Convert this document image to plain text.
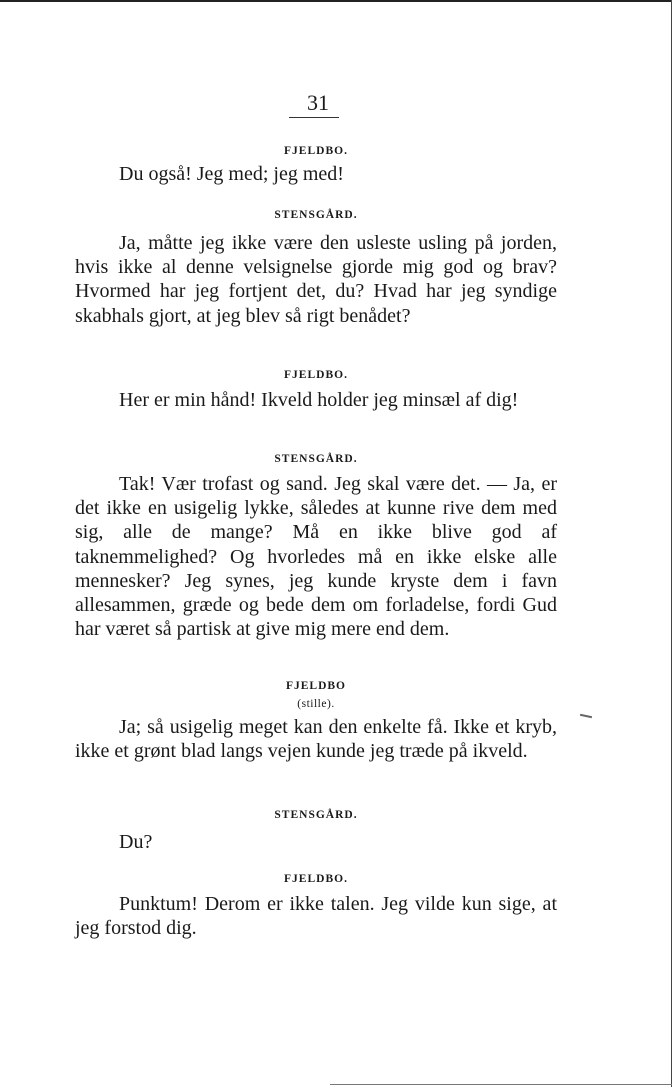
31
FJELDBO.

Du også! Jeg med; jeg med!

STENSGÅRD.

Ja, måtte jeg ikke være den usleste usling på jorden, hvis ikke al denne velsignelse gjorde mig god og brav? Hvormed har jeg fortjent det, du? Hvad har jeg syndige skabhals gjort, at jeg blev så rigt benådet?

FJELDBO.

Her er min hånd! Ikveld holder jeg minsæl af dig!

STENSGÅRD.

Tak! Vær trofast og sand. Jeg skal være det. — Ja, er det ikke en usigelig lykke, således at kunne rive dem med sig, alle de mange? Må en ikke blive god af taknemmelighed? Og hvorledes må en ikke elske alle mennesker? Jeg synes, jeg kunde kryste dem i favn allesammen, græde og bede dem om forladelse, fordi Gud har været så partisk at give mig mere end dem.

FJELDBO
(stille).

Ja; så usigelig meget kan den enkelte få. Ikke et kryb, ikke et grønt blad langs vejen kunde jeg træde på ikveld.

STENSGÅRD.

Du?

FJELDBO.

Punktum! Derom er ikke talen. Jeg vilde kun sige, at jeg forstod dig.
